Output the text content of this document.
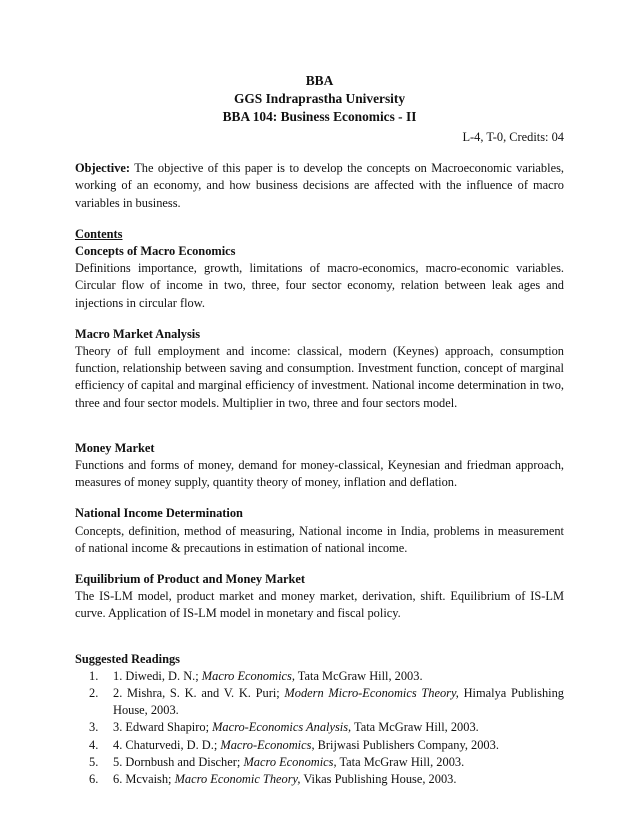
BBA
GGS Indraprastha University
BBA 104: Business Economics - II
L-4, T-0, Credits: 04

Objective: The objective of this paper is to develop the concepts on Macroeconomic variables, working of an economy, and how business decisions are affected with the influence of macro variables in business.

Contents
Concepts of Macro Economics

Definitions importance, growth, limitations of macro-economics, macro-economic variables. Circular flow of income in two, three, four sector economy, relation between leak ages and injections in circular flow.

Macro Market Analysis

Theory of full employment and income: classical, modern (Keynes) approach, consumption function, relationship between saving and consumption. Investment function, concept of marginal efficiency of capital and marginal efficiency of investment. National income determination in two, three and four sector models. Multiplier in two, three and four sectors model.

Money Market

Functions and forms of money, demand for money-classical, Keynesian and friedman approach, measures of money supply, quantity theory of money, inflation and deflation.

National Income Determination

Concepts, definition, method of measuring, National income in India, problems in measurement of national income & precautions in estimation of national income.

Equilibrium of Product and Money Market

The IS-LM model, product market and money market, derivation, shift. Equilibrium of IS-LM curve. Application of IS-LM model in monetary and fiscal policy.

Suggested Readings
1.	1. Diwedi, D. N.; Macro Economics, Tata McGraw Hill, 2003.
2.	2. Mishra, S. K. and V. K. Puri; Modern Micro-Economics Theory, Himalya Publishing House, 2003.
3.	3. Edward Shapiro; Macro-Economics Analysis, Tata McGraw Hill, 2003.
4.	4. Chaturvedi, D. D.; Macro-Economics, Brijwasi Publishers Company, 2003.
5.	5. Dornbush and Discher; Macro Economics, Tata McGraw Hill, 2003.
6.	6. Mcvaish; Macro Economic Theory, Vikas Publishing House, 2003.
